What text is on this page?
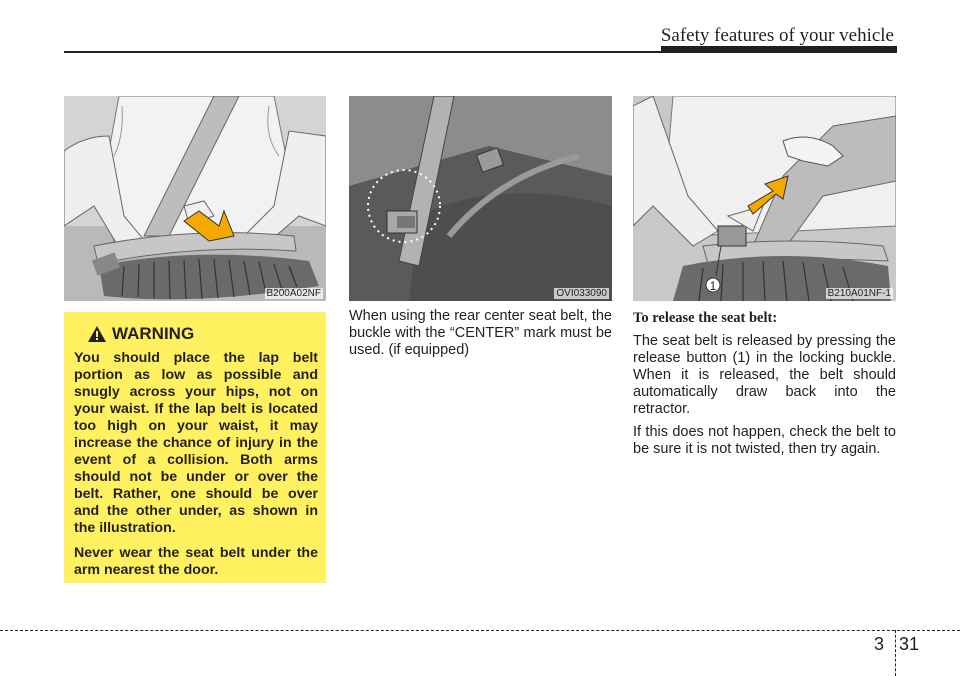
Safety features of your vehicle
B200A02NF	OVI033090
1
B210A01NF-1
WARNING

You should place the lap belt portion as low as possible and snugly across your hips, not on your waist. If the lap belt is located too high on your waist, it may increase the chance of injury in the event of a collision. Both arms should not be under or over the belt. Rather, one should be over and the other under, as shown in the illustration.

Never wear the seat belt under the arm nearest the door.

When using the rear center seat belt, the buckle with the “CENTER” mark must be used. (if equipped)

To release the seat belt:

The seat belt is released by pressing the release button (1) in the locking buckle. When it is released, the belt should automatically draw back into the retractor.

If this does not happen, check the belt to be sure it is not twisted, then try again.

3 31
